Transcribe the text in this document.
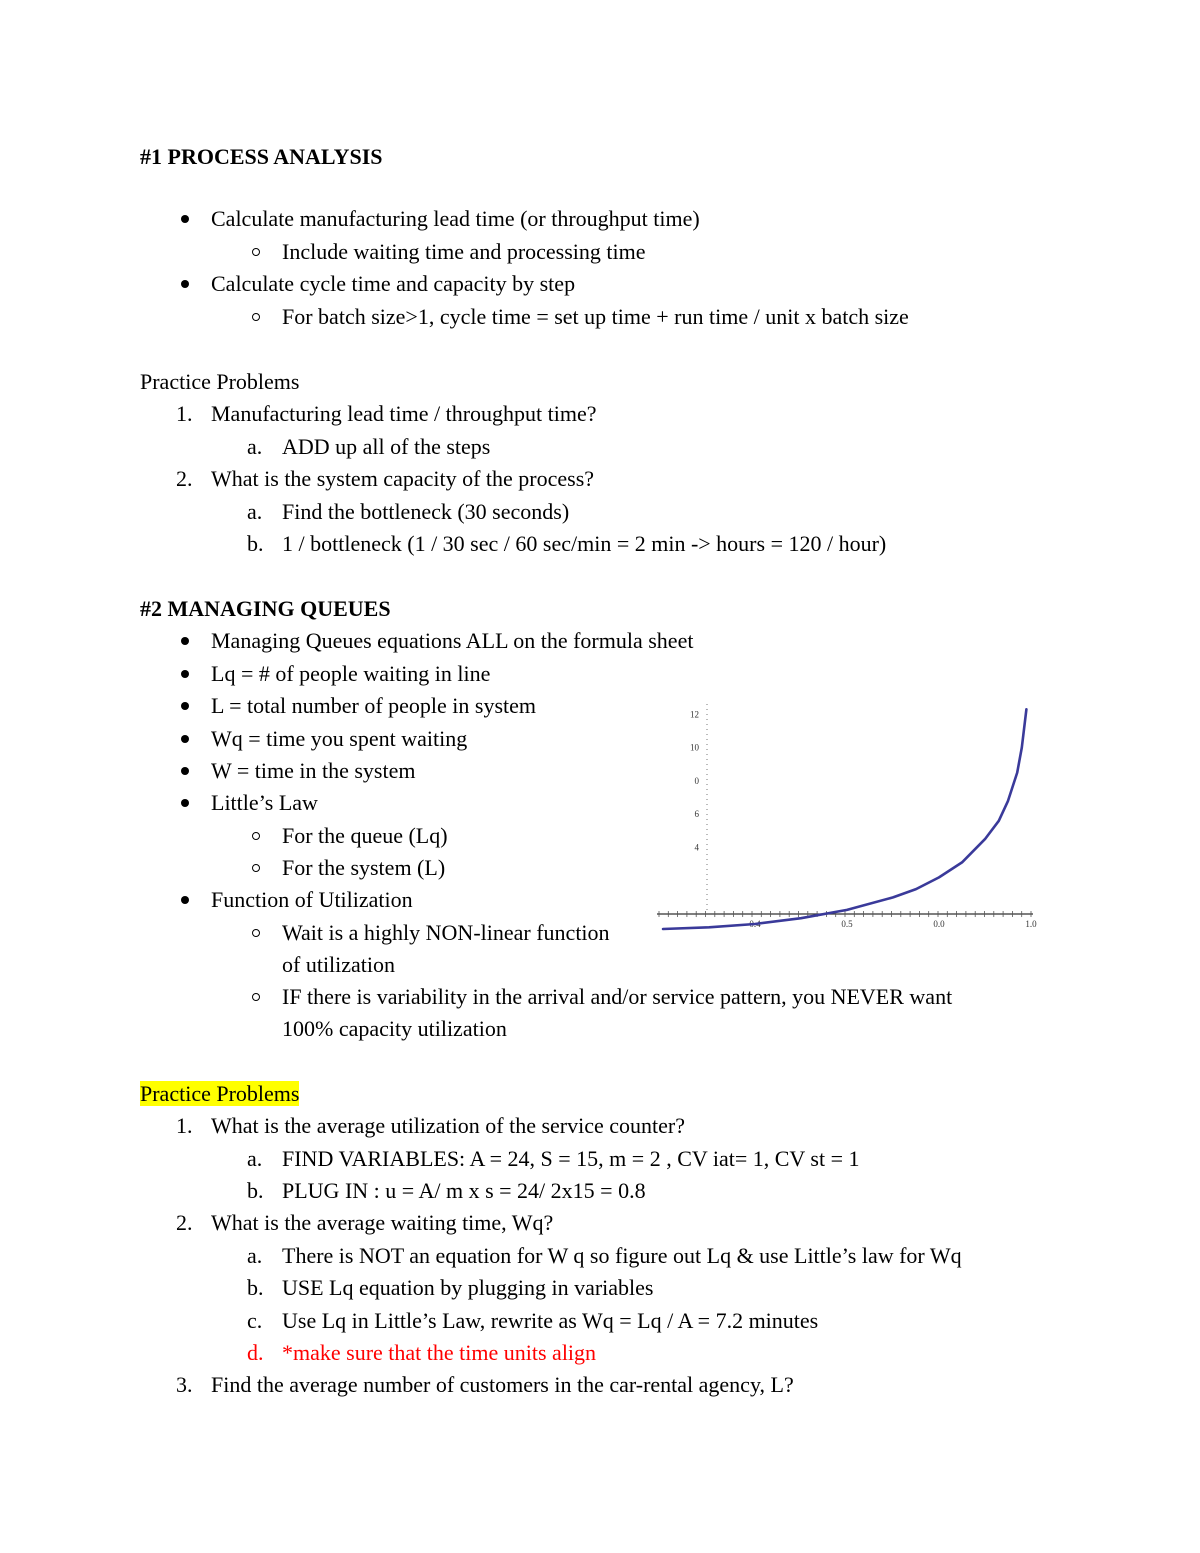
#1 PROCESS ANALYSIS
Calculate manufacturing lead time (or throughput time)
Include waiting time and processing time
Calculate cycle time and capacity by step
For batch size>1, cycle time = set up time + run time / unit x batch size
Practice Problems
1. Manufacturing lead time / throughput time?
a. ADD up all of the steps
2. What is the system capacity of the process?
a. Find the bottleneck (30 seconds)
b. 1 / bottleneck (1 / 30 sec / 60 sec/min = 2 min -> hours = 120 / hour)
#2 MANAGING QUEUES
Managing Queues equations ALL on the formula sheet
Lq = # of people waiting in line
L = total number of people in system
Wq = time you spent waiting
W = time in the system
Little’s Law
For the queue (Lq)
For the system (L)
Function of Utilization
Wait is a highly NON-linear function
of utilization
IF there is variability in the arrival and/or service pattern, you NEVER want
100% capacity utilization
0.4	0.5	0.0	1.0
4
6
0
10
12
Practice Problems
1. What is the average utilization of the service counter?
a. FIND VARIABLES: A = 24, S = 15, m = 2 , CV iat= 1, CV st = 1
b. PLUG IN : u = A/ m x s = 24/ 2x15 = 0.8
2. What is the average waiting time, Wq?
a. There is NOT an equation for W q so figure out Lq & use Little’s law for Wq
b. USE Lq equation by plugging in variables
c. Use Lq in Little’s Law, rewrite as Wq = Lq / A = 7.2 minutes
d. *make sure that the time units align
3. Find the average number of customers in the car-rental agency, L?
